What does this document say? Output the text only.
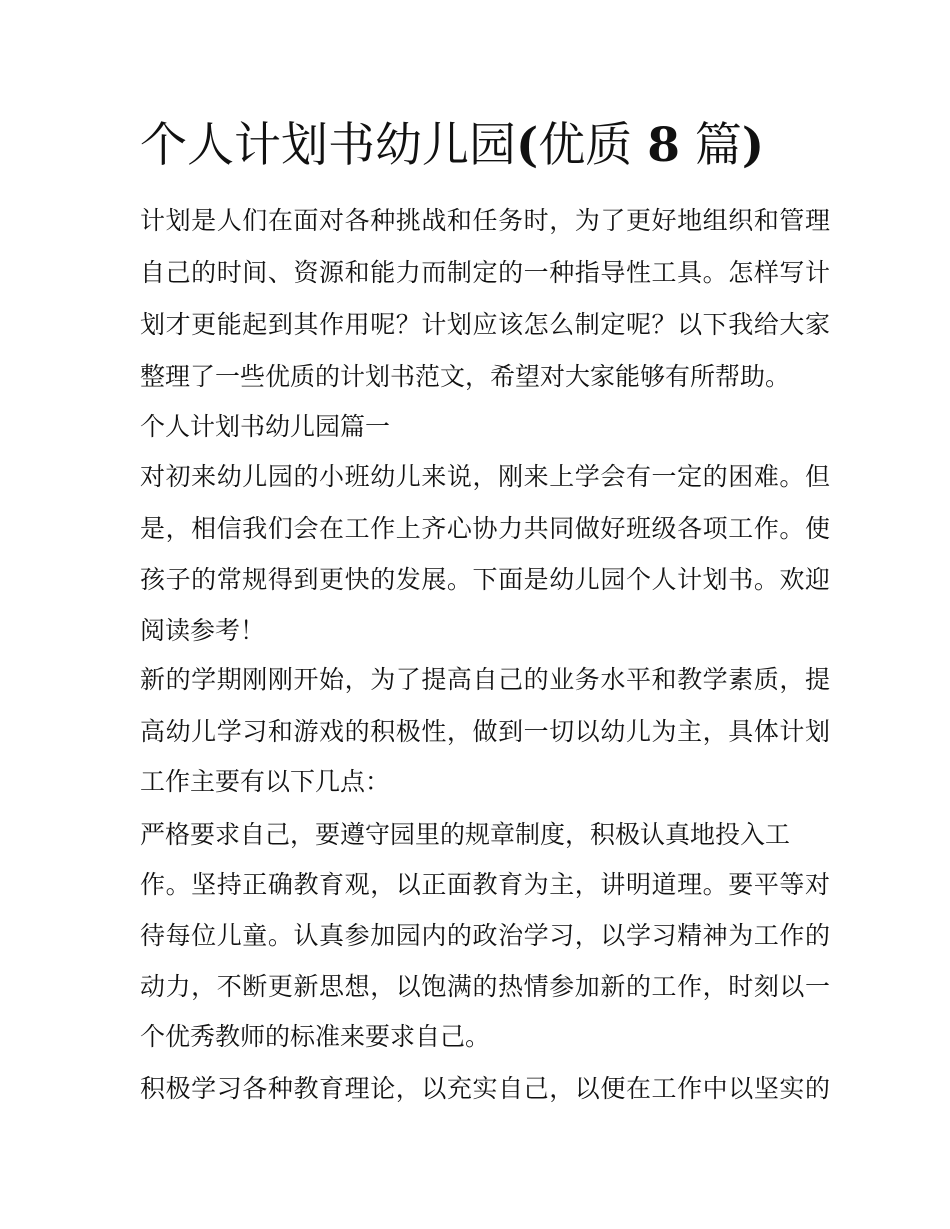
个人计划书幼儿园(优质 8 篇)
计划是人们在面对各种挑战和任务时，为了更好地组织和管理
自己的时间、资源和能力而制定的一种指导性工具。怎样写计
划才更能起到其作用呢？计划应该怎么制定呢？以下我给大家
整理了一些优质的计划书范文，希望对大家能够有所帮助。
个人计划书幼儿园篇一
对初来幼儿园的小班幼儿来说，刚来上学会有一定的困难。但
是，相信我们会在工作上齐心协力共同做好班级各项工作。使
孩子的常规得到更快的发展。下面是幼儿园个人计划书。欢迎
阅读参考！
新的学期刚刚开始，为了提高自己的业务水平和教学素质，提
高幼儿学习和游戏的积极性，做到一切以幼儿为主，具体计划
工作主要有以下几点：
严格要求自己，要遵守园里的规章制度，积极认真地投入工
作。坚持正确教育观，以正面教育为主，讲明道理。要平等对
待每位儿童。认真参加园内的政治学习，以学习精神为工作的
动力，不断更新思想，以饱满的热情参加新的工作，时刻以一
个优秀教师的标准来要求自己。
积极学习各种教育理论，以充实自己，以便在工作中以坚实的
